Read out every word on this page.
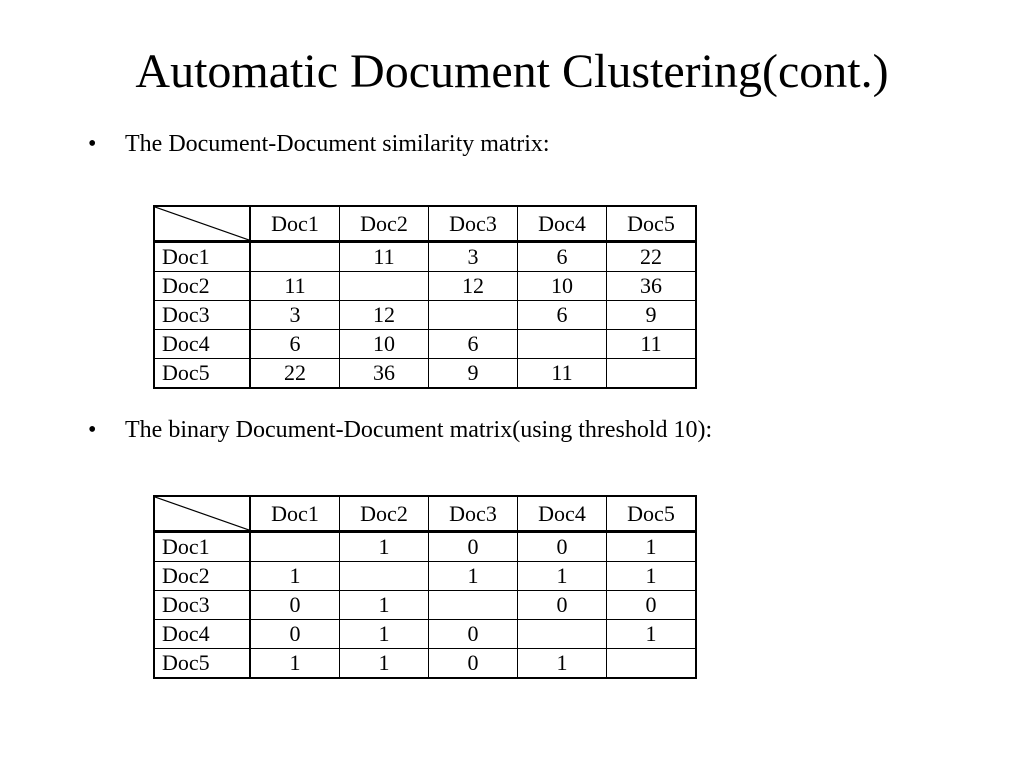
Automatic Document Clustering(cont.)
• The Document-Document similarity matrix:
	Doc1	Doc2	Doc3	Doc4	Doc5
Doc1		11	3	6	22
Doc2	11		12	10	36
Doc3	3	12		6	9
Doc4	6	10	6		11
Doc5	22	36	9	11	
• The binary Document-Document matrix(using threshold 10):
	Doc1	Doc2	Doc3	Doc4	Doc5
Doc1		1	0	0	1
Doc2	1		1	1	1
Doc3	0	1		0	0
Doc4	0	1	0		1
Doc5	1	1	0	1	
